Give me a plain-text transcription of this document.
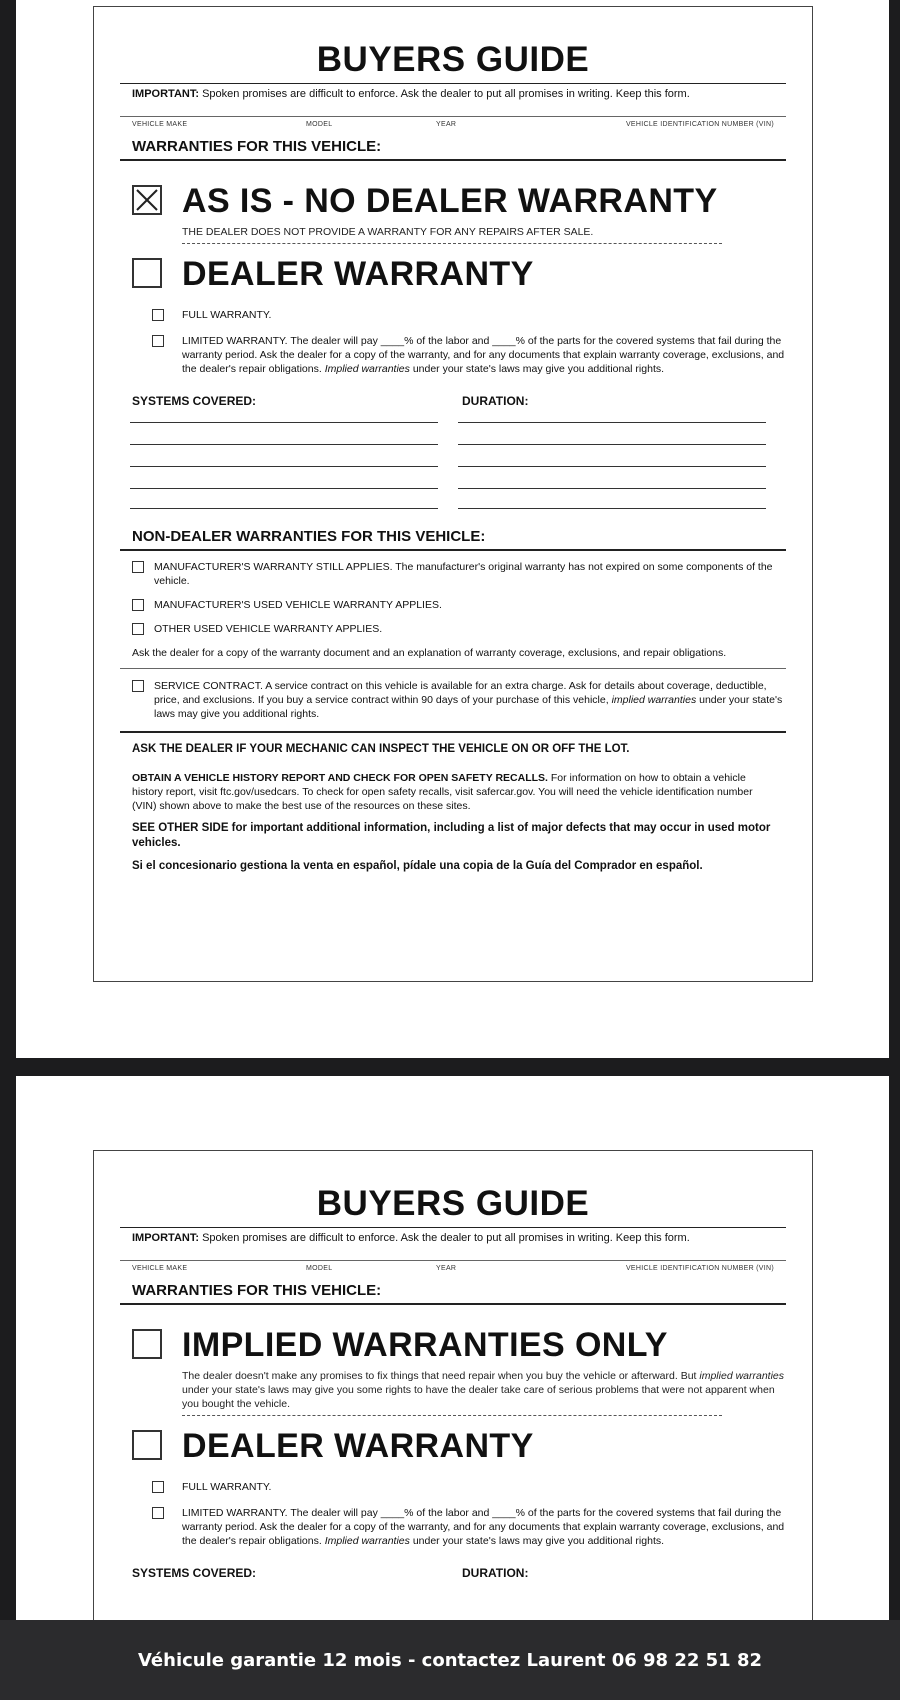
BUYERS GUIDE
IMPORTANT: Spoken promises are difficult to enforce. Ask the dealer to put all promises in writing. Keep this form.
VEHICLE MAKE	MODEL	YEAR	VEHICLE IDENTIFICATION NUMBER (VIN)
WARRANTIES FOR THIS VEHICLE:
AS IS - NO DEALER WARRANTY
THE DEALER DOES NOT PROVIDE A WARRANTY FOR ANY REPAIRS AFTER SALE.
DEALER WARRANTY
FULL WARRANTY.
LIMITED WARRANTY. The dealer will pay ____% of the labor and ____% of the parts for the covered systems that fail during the warranty period. Ask the dealer for a copy of the warranty, and for any documents that explain warranty coverage, exclusions, and the dealer's repair obligations. Implied warranties under your state's laws may give you additional rights.
SYSTEMS COVERED:	DURATION:
NON-DEALER WARRANTIES FOR THIS VEHICLE:
MANUFACTURER'S WARRANTY STILL APPLIES. The manufacturer's original warranty has not expired on some components of the vehicle.
MANUFACTURER'S USED VEHICLE WARRANTY APPLIES.
OTHER USED VEHICLE WARRANTY APPLIES.
Ask the dealer for a copy of the warranty document and an explanation of warranty coverage, exclusions, and repair obligations.
SERVICE CONTRACT. A service contract on this vehicle is available for an extra charge. Ask for details about coverage, deductible, price, and exclusions. If you buy a service contract within 90 days of your purchase of this vehicle, implied warranties under your state's laws may give you additional rights.
ASK THE DEALER IF YOUR MECHANIC CAN INSPECT THE VEHICLE ON OR OFF THE LOT.
OBTAIN A VEHICLE HISTORY REPORT AND CHECK FOR OPEN SAFETY RECALLS. For information on how to obtain a vehicle history report, visit ftc.gov/usedcars. To check for open safety recalls, visit safercar.gov. You will need the vehicle identification number (VIN) shown above to make the best use of the resources on these sites.
SEE OTHER SIDE for important additional information, including a list of major defects that may occur in used motor vehicles.
Si el concesionario gestiona la venta en español, pídale una copia de la Guía del Comprador en español.
BUYERS GUIDE
IMPORTANT: Spoken promises are difficult to enforce. Ask the dealer to put all promises in writing. Keep this form.
VEHICLE MAKE	MODEL	YEAR	VEHICLE IDENTIFICATION NUMBER (VIN)
WARRANTIES FOR THIS VEHICLE:
IMPLIED WARRANTIES ONLY
The dealer doesn't make any promises to fix things that need repair when you buy the vehicle or afterward. But implied warranties under your state's laws may give you some rights to have the dealer take care of serious problems that were not apparent when you bought the vehicle.
DEALER WARRANTY
FULL WARRANTY.
LIMITED WARRANTY. The dealer will pay ____% of the labor and ____% of the parts for the covered systems that fail during the warranty period. Ask the dealer for a copy of the warranty, and for any documents that explain warranty coverage, exclusions, and the dealer's repair obligations. Implied warranties under your state's laws may give you additional rights.
SYSTEMS COVERED:	DURATION:
Véhicule garantie 12 mois - contactez Laurent 06 98 22 51 82
